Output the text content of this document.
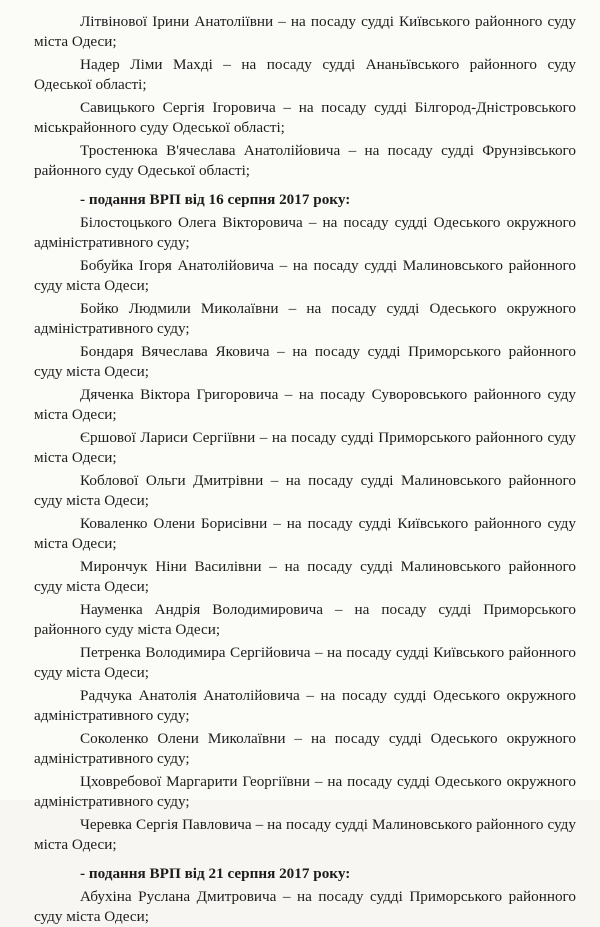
Літвінової Ірини Анатоліївни – на посаду судді Київського районного суду міста Одеси;

Надер Ліми Махді – на посаду судді Ананьївського районного суду Одеської області;

Савицького Сергія Ігоровича – на посаду судді Білгород-Дністровського міськрайонного суду Одеської області;

Тростенюка В'ячеслава Анатолійовича – на посаду судді Фрунзівського районного суду Одеської області;

- подання ВРП від 16 серпня 2017 року:

Білостоцького Олега Вікторовича – на посаду судді Одеського окружного адміністративного суду;

Бобуйка Ігоря Анатолійовича – на посаду судді Малиновського районного суду міста Одеси;

Бойко Людмили Миколаївни – на посаду судді Одеського окружного адміністративного суду;

Бондаря Вячеслава Яковича – на посаду судді Приморського районного суду міста Одеси;

Дяченка Віктора Григоровича – на посаду Суворовського районного суду міста Одеси;

Єршової Лариси Сергіївни – на посаду судді Приморського районного суду міста Одеси;

Коблової Ольги Дмитрівни – на посаду судді Малиновського районного суду міста Одеси;

Коваленко Олени Борисівни – на посаду судді Київського районного суду міста Одеси;

Мирончук Ніни Василівни – на посаду судді Малиновського районного суду міста Одеси;

Науменка Андрія Володимировича – на посаду судді Приморського районного суду міста Одеси;

Петренка Володимира Сергійовича – на посаду судді Київського районного суду міста Одеси;

Радчука Анатолія Анатолійовича – на посаду судді Одеського окружного адміністративного суду;

Соколенко Олени Миколаївни – на посаду судді Одеського окружного адміністративного суду;

Цховребової Маргарити Георгіївни – на посаду судді Одеського окружного адміністративного суду;

Черевка Сергія Павловича – на посаду судді Малиновського районного суду міста Одеси;

- подання ВРП від 21 серпня 2017 року:

Абухіна Руслана Дмитровича – на посаду судді Приморського районного суду міста Одеси;
